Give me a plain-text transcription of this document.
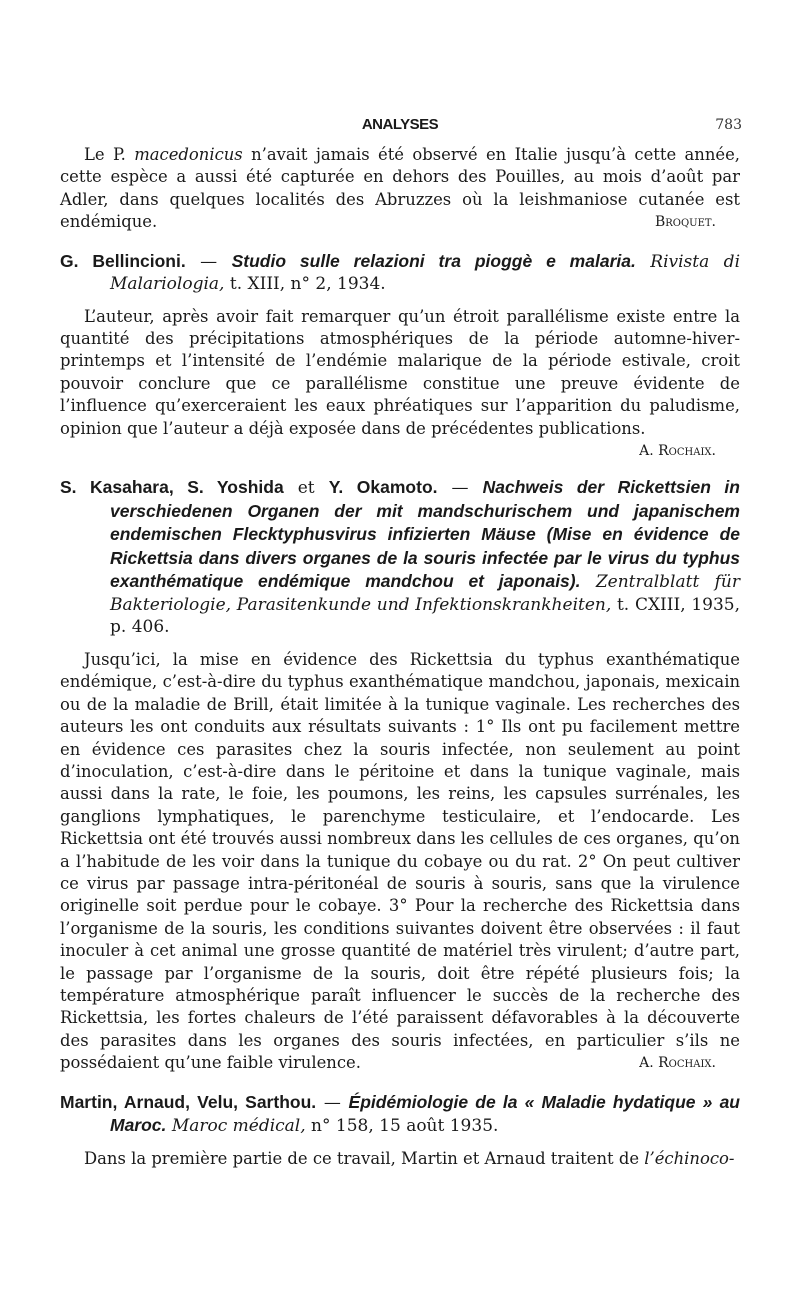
ANALYSES	783

Le P. macedonicus n’avait jamais été observé en Italie jusqu’à cette année, cette espèce a aussi été capturée en dehors des Pouilles, au mois d’août par Adler, dans quelques localités des Abruzzes où la leishmaniose cutanée est endémique.	Broquet.

G. Bellincioni. — Studio sulle relazioni tra pioggè e malaria. Rivista di Malariologia, t. XIII, n° 2, 1934.

L’auteur, après avoir fait remarquer qu’un étroit parallélisme existe entre la quantité des précipitations atmosphériques de la période automne-hiver-printemps et l’intensité de l’endémie malarique de la période estivale, croit pouvoir conclure que ce parallélisme constitue une preuve évidente de l’influence qu’exerceraient les eaux phréatiques sur l’apparition du paludisme, opinion que l’auteur a déjà exposée dans de précédentes publications.

A. Rochaix.

S. Kasahara, S. Yoshida et Y. Okamoto. — Nachweis der Rickettsien in verschiedenen Organen der mit mandschurischem und japanischem endemischen Flecktyphusvirus infizierten Mäuse (Mise en évidence de Rickettsia dans divers organes de la souris infectée par le virus du typhus exanthématique endémique mandchou et japonais). Zentralblatt für Bakteriologie, Parasitenkunde und Infektionskrankheiten, t. CXIII, 1935, p. 406.

Jusqu’ici, la mise en évidence des Rickettsia du typhus exanthématique endémique, c’est-à-dire du typhus exanthématique mandchou, japonais, mexicain ou de la maladie de Brill, était limitée à la tunique vaginale. Les recherches des auteurs les ont conduits aux résultats suivants : 1° Ils ont pu facilement mettre en évidence ces parasites chez la souris infectée, non seulement au point d’inoculation, c’est-à-dire dans le péritoine et dans la tunique vaginale, mais aussi dans la rate, le foie, les poumons, les reins, les capsules surrénales, les ganglions lymphatiques, le parenchyme testiculaire, et l’endocarde. Les Rickettsia ont été trouvés aussi nombreux dans les cellules de ces organes, qu’on a l’habitude de les voir dans la tunique du cobaye ou du rat. 2° On peut cultiver ce virus par passage intra-péritonéal de souris à souris, sans que la virulence originelle soit perdue pour le cobaye. 3° Pour la recherche des Rickettsia dans l’organisme de la souris, les conditions suivantes doivent être observées : il faut inoculer à cet animal une grosse quantité de matériel très virulent; d’autre part, le passage par l’organisme de la souris, doit être répété plusieurs fois; la température atmosphérique paraît influencer le succès de la recherche des Rickettsia, les fortes chaleurs de l’été paraissent défavorables à la découverte des parasites dans les organes des souris infectées, en particulier s’ils ne possédaient qu’une faible virulence.	A. Rochaix.

Martin, Arnaud, Velu, Sarthou. — Épidémiologie de la « Maladie hydatique » au Maroc. Maroc médical, n° 158, 15 août 1935.

Dans la première partie de ce travail, Martin et Arnaud traitent de l’échinoco-
